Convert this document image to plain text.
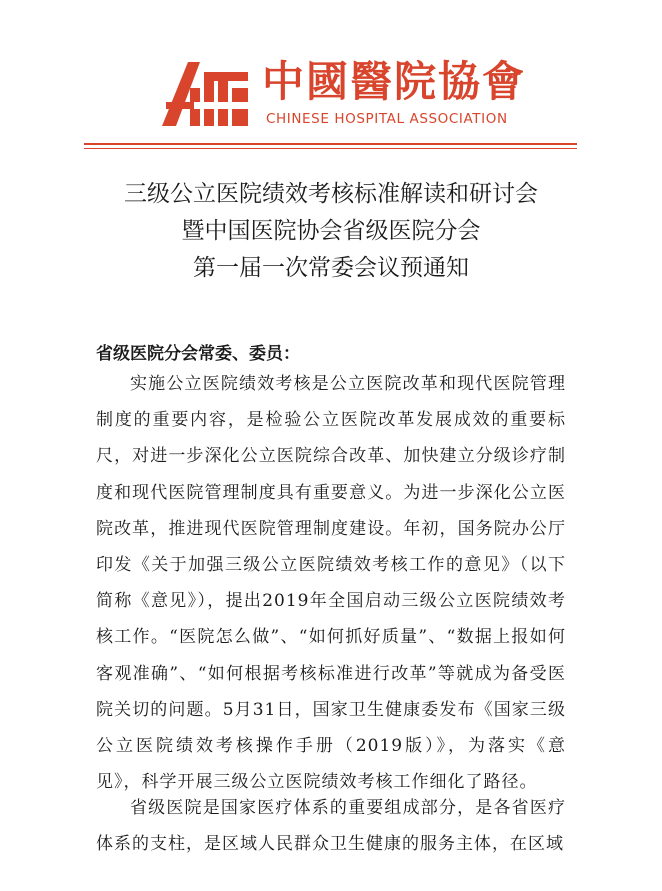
中國醫院協會
CHINESE HOSPITAL ASSOCIATION
三级公立医院绩效考核标准解读和研讨会
暨中国医院协会省级医院分会
第一届一次常委会议预通知
省级医院分会常委、委员：
实施公立医院绩效考核是公立医院改革和现代医院管理制度的重要内容，是检验公立医院改革发展成效的重要标尺，对进一步深化公立医院综合改革、加快建立分级诊疗制度和现代医院管理制度具有重要意义。为进一步深化公立医院改革，推进现代医院管理制度建设。年初，国务院办公厅印发《关于加强三级公立医院绩效考核工作的意见》（以下简称《意见》），提出2019年全国启动三级公立医院绩效考核工作。“医院怎么做”、“如何抓好质量”、“数据上报如何客观准确”、“如何根据考核标准进行改革”等就成为备受医院关切的问题。5月31日，国家卫生健康委发布《国家三级公立医院绩效考核操作手册（2019版）》，为落实《意见》，科学开展三级公立医院绩效考核工作细化了路径。
省级医院是国家医疗体系的重要组成部分，是各省医疗体系的支柱，是区域人民群众卫生健康的服务主体，在区域
